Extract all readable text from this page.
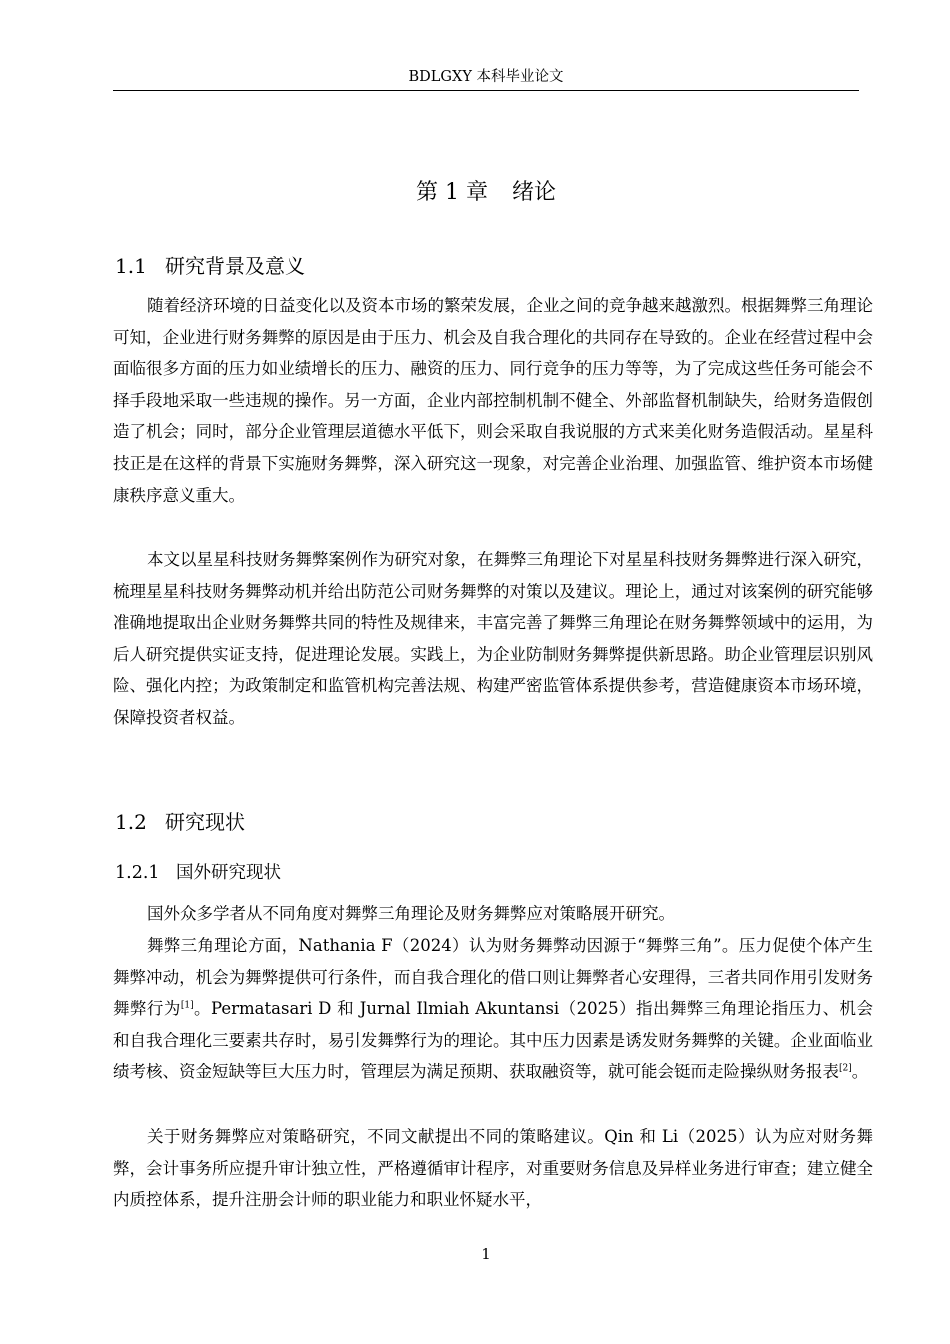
BDLGXY 本科毕业论文
第 1 章 绪论
1.1 研究背景及意义

随着经济环境的日益变化以及资本市场的繁荣发展，企业之间的竞争越来越激烈。根据舞弊三角理论可知，企业进行财务舞弊的原因是由于压力、机会及自我合理化的共同存在导致的。企业在经营过程中会面临很多方面的压力如业绩增长的压力、融资的压力、同行竞争的压力等等，为了完成这些任务可能会不择手段地采取一些违规的操作。另一方面，企业内部控制机制不健全、外部监督机制缺失，给财务造假创造了机会；同时，部分企业管理层道德水平低下，则会采取自我说服的方式来美化财务造假活动。星星科技正是在这样的背景下实施财务舞弊，深入研究这一现象，对完善企业治理、加强监管、维护资本市场健康秩序意义重大。

本文以星星科技财务舞弊案例作为研究对象，在舞弊三角理论下对星星科技财务舞弊进行深入研究，梳理星星科技财务舞弊动机并给出防范公司财务舞弊的对策以及建议。理论上，通过对该案例的研究能够准确地提取出企业财务舞弊共同的特性及规律来，丰富完善了舞弊三角理论在财务舞弊领域中的运用，为后人研究提供实证支持，促进理论发展。实践上，为企业防制财务舞弊提供新思路。助企业管理层识别风险、强化内控；为政策制定和监管机构完善法规、构建严密监管体系提供参考，营造健康资本市场环境，保障投资者权益。

1.2 研究现状
1.2.1 国外研究现状

国外众多学者从不同角度对舞弊三角理论及财务舞弊应对策略展开研究。

舞弊三角理论方面，Nathania F（2024）认为财务舞弊动因源于“舞弊三角”。压力促使个体产生舞弊冲动，机会为舞弊提供可行条件，而自我合理化的借口则让舞弊者心安理得，三者共同作用引发财务舞弊行为[1]。Permatasari D 和 Jurnal Ilmiah Akuntansi（2025）指出舞弊三角理论指压力、机会和自我合理化三要素共存时，易引发舞弊行为的理论。其中压力因素是诱发财务舞弊的关键。企业面临业绩考核、资金短缺等巨大压力时，管理层为满足预期、获取融资等，就可能会铤而走险操纵财务报表[2]。

关于财务舞弊应对策略研究，不同文献提出不同的策略建议。Qin 和 Li（2025）认为应对财务舞弊，会计事务所应提升审计独立性，严格遵循审计程序，对重要财务信息及异样业务进行审查；建立健全内质控体系，提升注册会计师的职业能力和职业怀疑水平，

1
